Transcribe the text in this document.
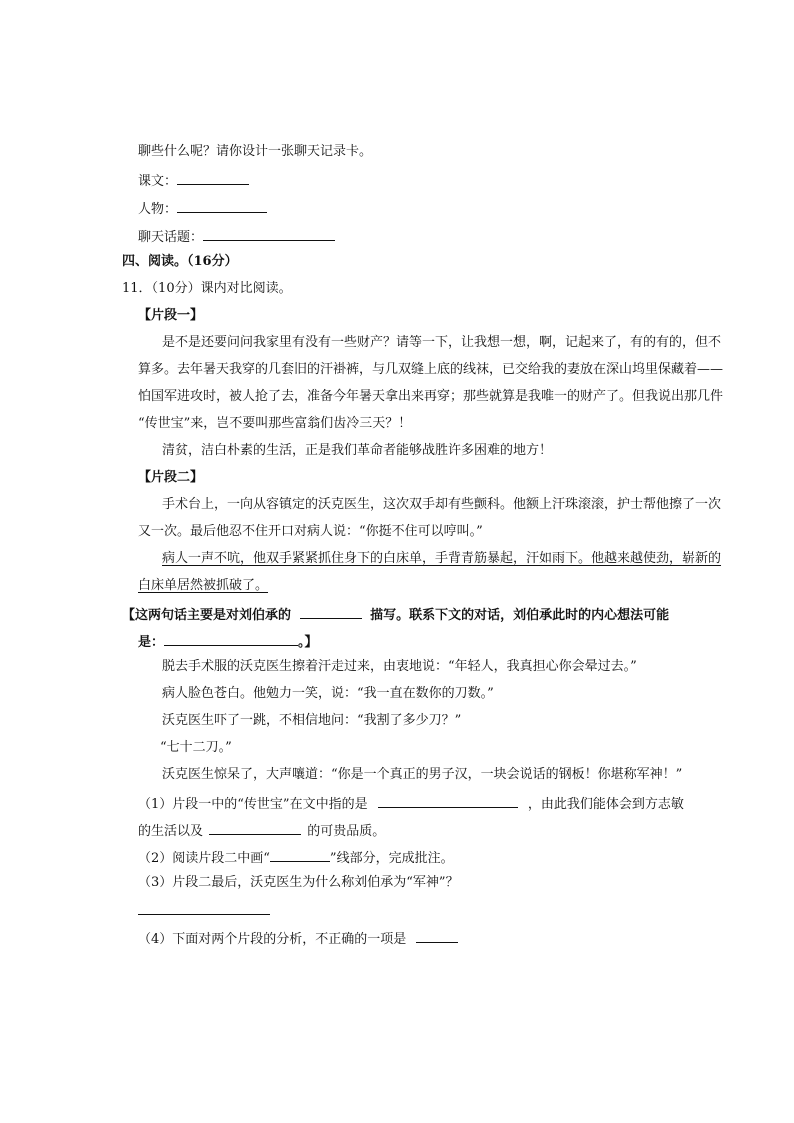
聊些什么呢？请你设计一张聊天记录卡。
课文：
人物：
聊天话题：
四、阅读。（16分）
11．（10分）课内对比阅读。
【片段一】
是不是还要问问我家里有没有一些财产？请等一下，让我想一想，啊，记起来了，有的有的，但不
算多。去年暑天我穿的几套旧的汗褂裤，与几双缝上底的线袜，已交给我的妻放在深山坞里保藏着——
怕国军进攻时，被人抢了去，准备今年暑天拿出来再穿；那些就算是我唯一的财产了。但我说出那几件
“传世宝”来，岂不要叫那些富翁们齿冷三天？！
清贫，洁白朴素的生活，正是我们革命者能够战胜许多困难的地方！
【片段二】
手术台上，一向从容镇定的沃克医生，这次双手却有些颤科。他额上汗珠滚滚，护士帮他擦了一次
又一次。最后他忍不住开口对病人说：“你挺不住可以哼叫。”
病人一声不吭，他双手紧紧抓住身下的白床单，手背青筋暴起，汗如雨下。他越来越使劲，崭新的
白床单居然被抓破了。
【这两句话主要是对刘伯承的	描写。联系下文的对话，刘伯承此时的内心想法可能
是：	。】
脱去手术服的沃克医生擦着汗走过来，由衷地说：“年轻人，我真担心你会晕过去。”
病人脸色苍白。他勉力一笑，说：“我一直在数你的刀数。”
沃克医生吓了一跳，不相信地问：“我割了多少刀？”
“七十二刀。”
沃克医生惊呆了，大声嚷道：“你是一个真正的男子汉，一块会说话的钢板！你堪称军神！”
（1）片段一中的“传世宝”在文中指的是	，由此我们能体会到方志敏
的生活以及	的可贵品质。
（2）阅读片段二中画“	”线部分，完成批注。
（3）片段二最后，沃克医生为什么称刘伯承为“军神”？
（4）下面对两个片段的分析，不正确的一项是
